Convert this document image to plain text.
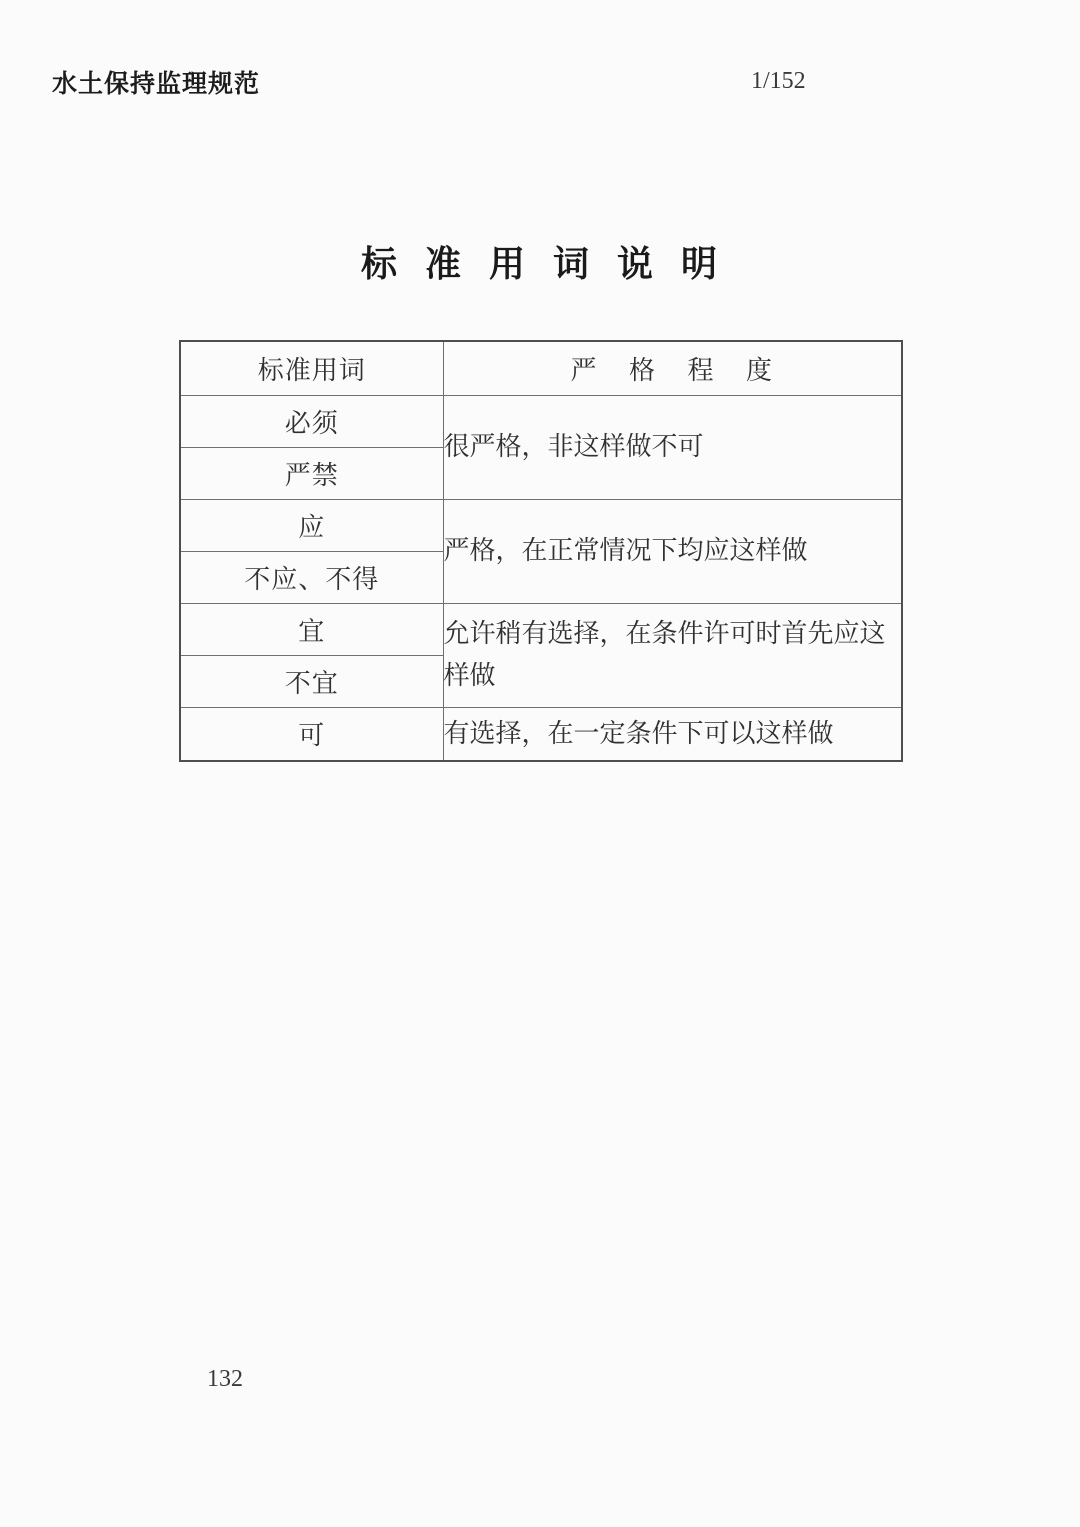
水土保持监理规范	1/152
标 准 用 词 说 明
标准用词	严 格 程 度
必须	很严格，非这样做不可
严禁	
应	严格，在正常情况下均应这样做
不应、不得	
宜	允许稍有选择，在条件许可时首先应这样做
不宜	
可	有选择，在一定条件下可以这样做
132
